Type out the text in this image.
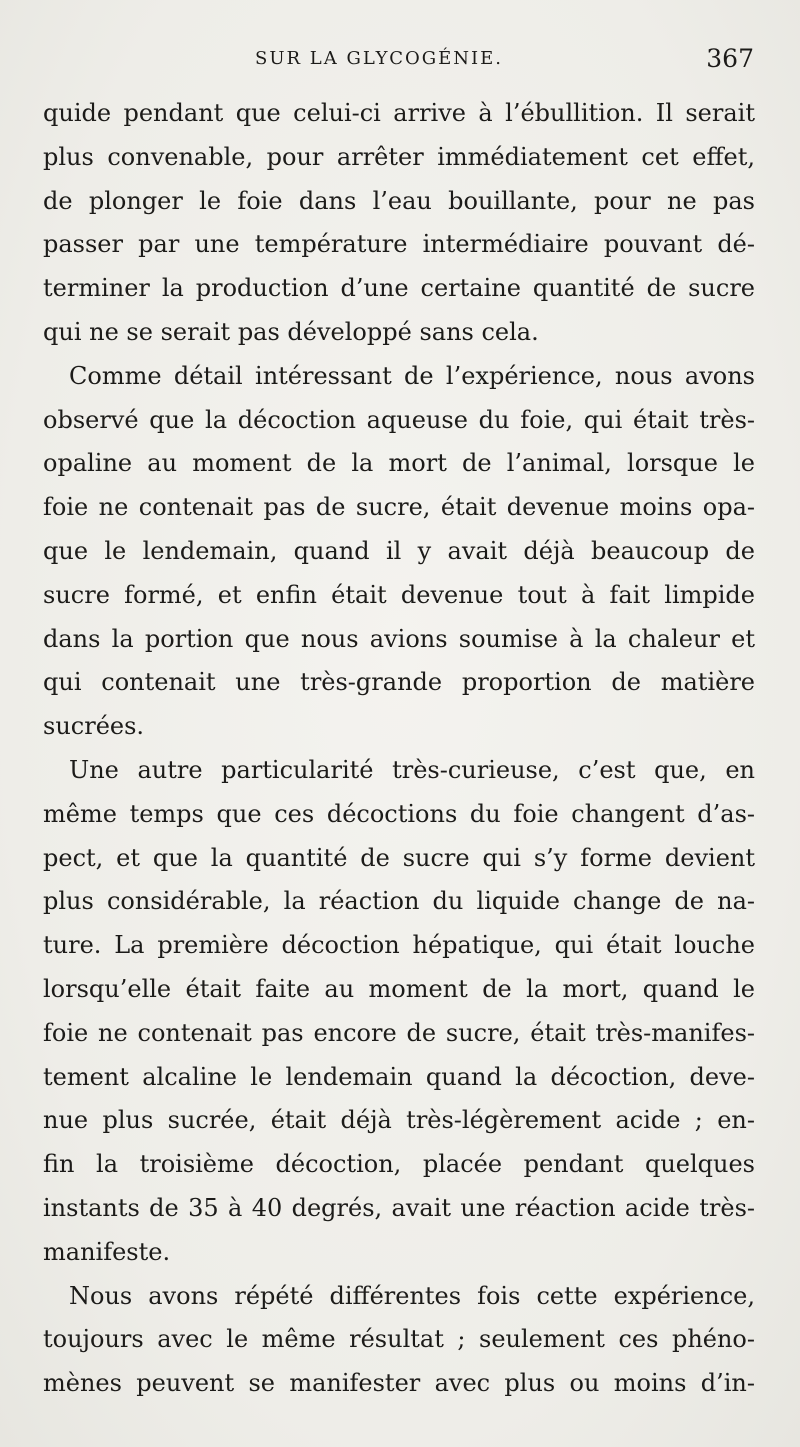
SUR LA GLYCOGÉNIE.	367
quide pendant que celui-ci arrive à l’ébullition. Il serait
plus convenable, pour arrêter immédiatement cet effet,
de plonger le foie dans l’eau bouillante, pour ne pas
passer par une température intermédiaire pouvant dé-
terminer la production d’une certaine quantité de sucre
qui ne se serait pas développé sans cela.
Comme détail intéressant de l’expérience, nous avons
observé que la décoction aqueuse du foie, qui était très-
opaline au moment de la mort de l’animal, lorsque le
foie ne contenait pas de sucre, était devenue moins opa-
que le lendemain, quand il y avait déjà beaucoup de
sucre formé, et enfin était devenue tout à fait limpide
dans la portion que nous avions soumise à la chaleur et
qui contenait une très-grande proportion de matière
sucrées.
Une autre particularité très-curieuse, c’est que, en
même temps que ces décoctions du foie changent d’as-
pect, et que la quantité de sucre qui s’y forme devient
plus considérable, la réaction du liquide change de na-
ture. La première décoction hépatique, qui était louche
lorsqu’elle était faite au moment de la mort, quand le
foie ne contenait pas encore de sucre, était très-manifes-
tement alcaline le lendemain quand la décoction, deve-
nue plus sucrée, était déjà très-légèrement acide ; en-
fin la troisième décoction, placée pendant quelques
instants de 35 à 40 degrés, avait une réaction acide très-
manifeste.
Nous avons répété différentes fois cette expérience,
toujours avec le même résultat ; seulement ces phéno-
mènes peuvent se manifester avec plus ou moins d’in-
